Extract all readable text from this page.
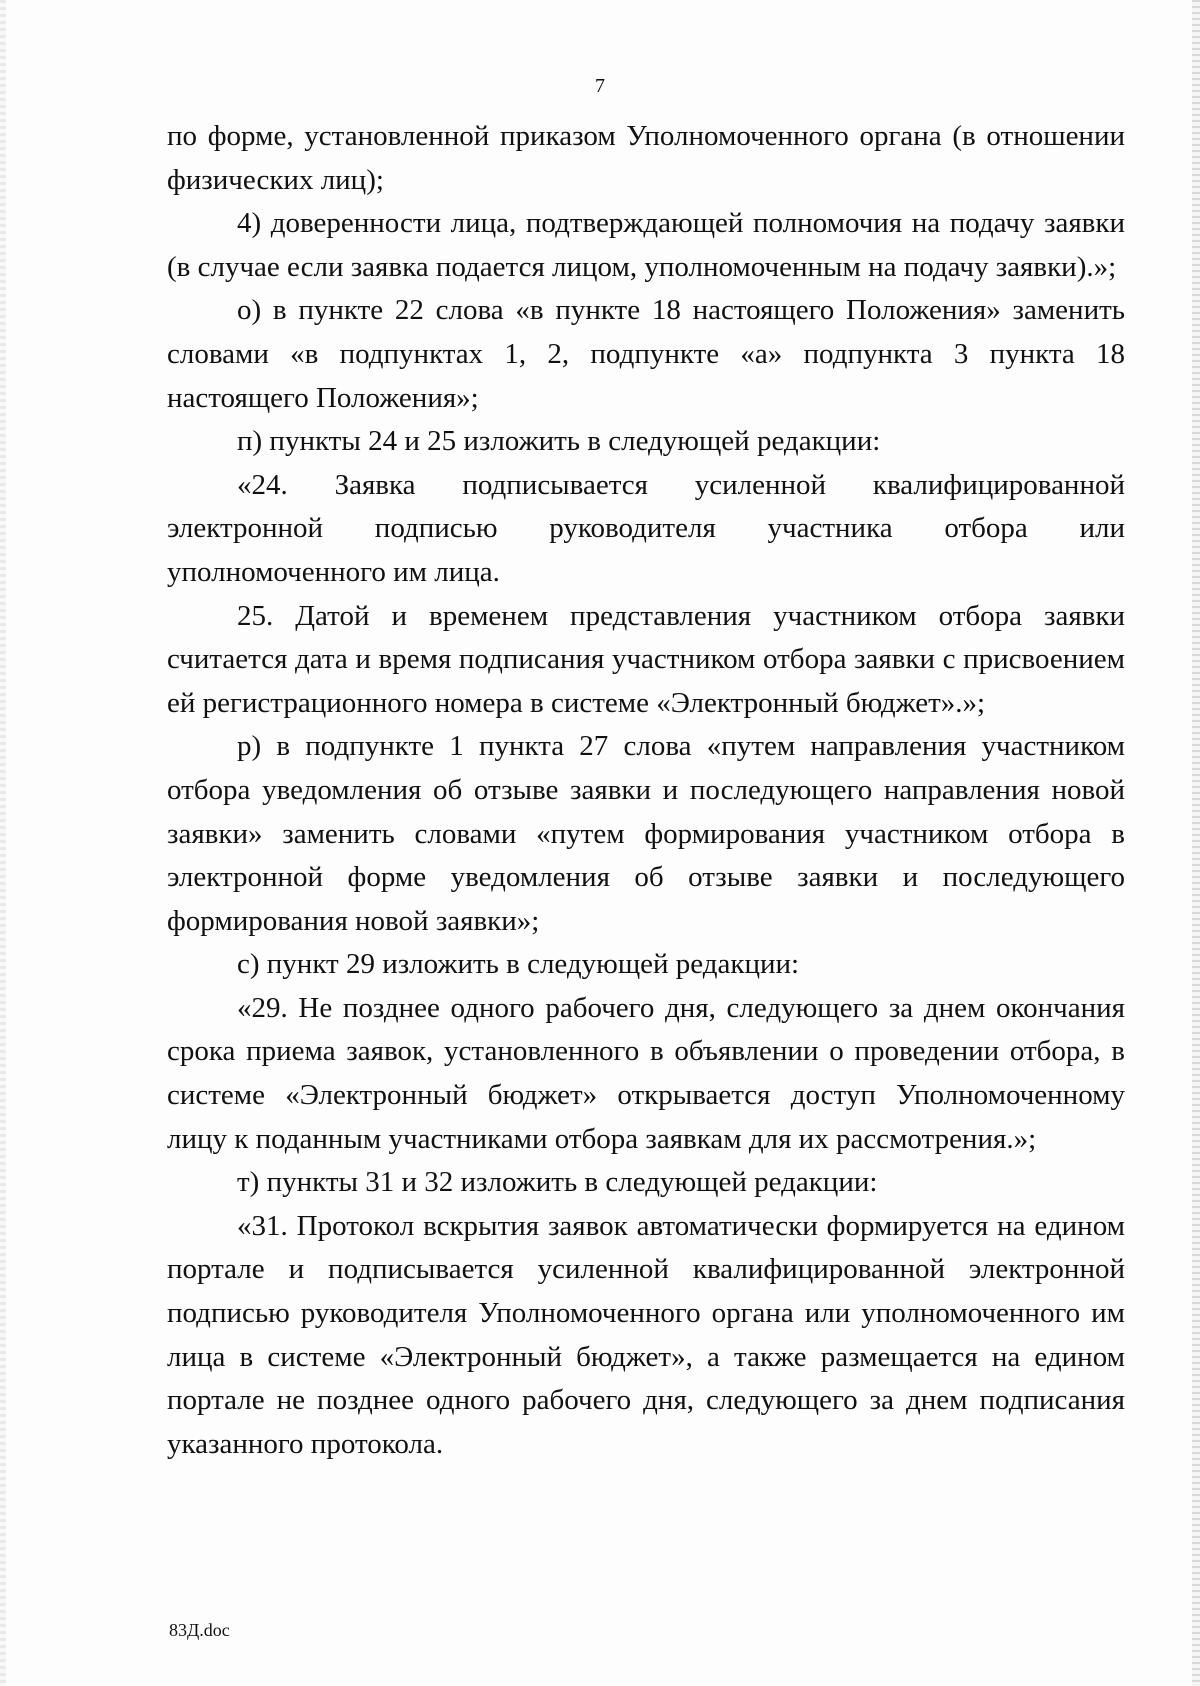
7

по форме, установленной приказом Уполномоченного органа (в отношении физических лиц);

4) доверенности лица, подтверждающей полномочия на подачу заявки (в случае если заявка подается лицом, уполномоченным на подачу заявки).»;

о) в пункте 22 слова «в пункте 18 настоящего Положения» заменить словами «в подпунктах 1, 2, подпункте «а» подпункта 3 пункта 18 настоящего Положения»;

п) пункты 24 и 25 изложить в следующей редакции:

«24. Заявка подписывается усиленной квалифицированной электронной подписью руководителя участника отбора или уполномоченного им лица.

25. Датой и временем представления участником отбора заявки считается дата и время подписания участником отбора заявки с присвоением ей регистрационного номера в системе «Электронный бюджет».»;

р) в подпункте 1 пункта 27 слова «путем направления участником отбора уведомления об отзыве заявки и последующего направления новой заявки» заменить словами «путем формирования участником отбора в электронной форме уведомления об отзыве заявки и последующего формирования новой заявки»;

с) пункт 29 изложить в следующей редакции:

«29. Не позднее одного рабочего дня, следующего за днем окончания срока приема заявок, установленного в объявлении о проведении отбора, в системе «Электронный бюджет» открывается доступ Уполномоченному лицу к поданным участниками отбора заявкам для их рассмотрения.»;

т) пункты 31 и 32 изложить в следующей редакции:

«31. Протокол вскрытия заявок автоматически формируется на едином портале и подписывается усиленной квалифицированной электронной подписью руководителя Уполномоченного органа или уполномоченного им лица в системе «Электронный бюджет», а также размещается на едином портале не позднее одного рабочего дня, следующего за днем подписания указанного протокола.

83Д.doc
